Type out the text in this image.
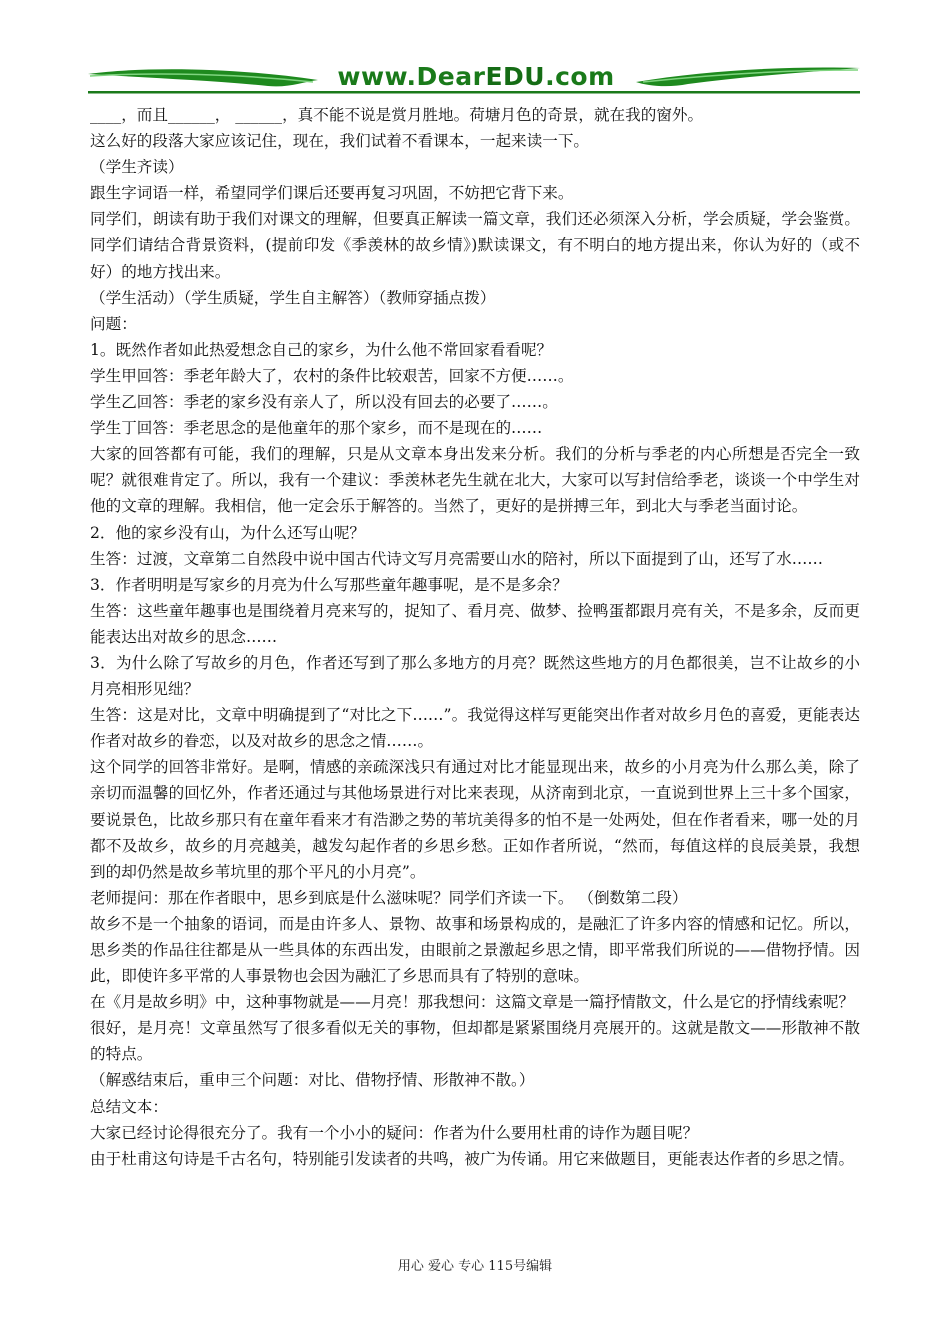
www.DearEDU.com

____，而且______， ______，真不能不说是赏月胜地。荷塘月色的奇景，就在我的窗外。

这么好的段落大家应该记住，现在，我们试着不看课本，一起来读一下。

（学生齐读）

跟生字词语一样，希望同学们课后还要再复习巩固，不妨把它背下来。

同学们，朗读有助于我们对课文的理解，但要真正解读一篇文章，我们还必须深入分析，学会质疑，学会鉴赏。同学们请结合背景资料，(提前印发《季羡林的故乡情》)默读课文，有不明白的地方提出来，你认为好的（或不好）的地方找出来。

（学生活动）（学生质疑，学生自主解答）（教师穿插点拨）

问题：

1。既然作者如此热爱想念自己的家乡，为什么他不常回家看看呢？

学生甲回答：季老年龄大了，农村的条件比较艰苦，回家不方便……。

学生乙回答：季老的家乡没有亲人了，所以没有回去的必要了……。

学生丁回答：季老思念的是他童年的那个家乡，而不是现在的……

大家的回答都有可能，我们的理解，只是从文章本身出发来分析。我们的分析与季老的内心所想是否完全一致呢？就很难肯定了。所以，我有一个建议：季羡林老先生就在北大，大家可以写封信给季老，谈谈一个中学生对他的文章的理解。我相信，他一定会乐于解答的。当然了，更好的是拼搏三年，到北大与季老当面讨论。

2．他的家乡没有山，为什么还写山呢？

生答：过渡，文章第二自然段中说中国古代诗文写月亮需要山水的陪衬，所以下面提到了山，还写了水……

3．作者明明是写家乡的月亮为什么写那些童年趣事呢，是不是多余？

生答：这些童年趣事也是围绕着月亮来写的，捉知了、看月亮、做梦、捡鸭蛋都跟月亮有关，不是多余，反而更能表达出对故乡的思念……

3．为什么除了写故乡的月色，作者还写到了那么多地方的月亮？既然这些地方的月色都很美，岂不让故乡的小月亮相形见绌？

生答：这是对比，文章中明确提到了“对比之下……”。我觉得这样写更能突出作者对故乡月色的喜爱，更能表达作者对故乡的眷恋，以及对故乡的思念之情……。

这个同学的回答非常好。是啊，情感的亲疏深浅只有通过对比才能显现出来，故乡的小月亮为什么那么美，除了亲切而温馨的回忆外，作者还通过与其他场景进行对比来表现，从济南到北京，一直说到世界上三十多个国家，要说景色，比故乡那只有在童年看来才有浩渺之势的苇坑美得多的怕不是一处两处，但在作者看来，哪一处的月都不及故乡，故乡的月亮越美，越发勾起作者的乡思乡愁。正如作者所说，“然而，每值这样的良辰美景，我想到的却仍然是故乡苇坑里的那个平凡的小月亮”。

老师提问：那在作者眼中，思乡到底是什么滋味呢？同学们齐读一下。 （倒数第二段）

故乡不是一个抽象的语词，而是由许多人、景物、故事和场景构成的，是融汇了许多内容的情感和记忆。所以，思乡类的作品往往都是从一些具体的东西出发，由眼前之景激起乡思之情，即平常我们所说的——借物抒情。因此，即使许多平常的人事景物也会因为融汇了乡思而具有了特别的意味。

在《月是故乡明》中，这种事物就是——月亮！那我想问：这篇文章是一篇抒情散文，什么是它的抒情线索呢？

很好，是月亮！文章虽然写了很多看似无关的事物，但却都是紧紧围绕月亮展开的。这就是散文——形散神不散的特点。

（解惑结束后，重申三个问题：对比、借物抒情、形散神不散。）

总结文本：

大家已经讨论得很充分了。我有一个小小的疑问：作者为什么要用杜甫的诗作为题目呢？

由于杜甫这句诗是千古名句，特别能引发读者的共鸣，被广为传诵。用它来做题目，更能表达作者的乡思之情。

用心 爱心 专心 115号编辑
